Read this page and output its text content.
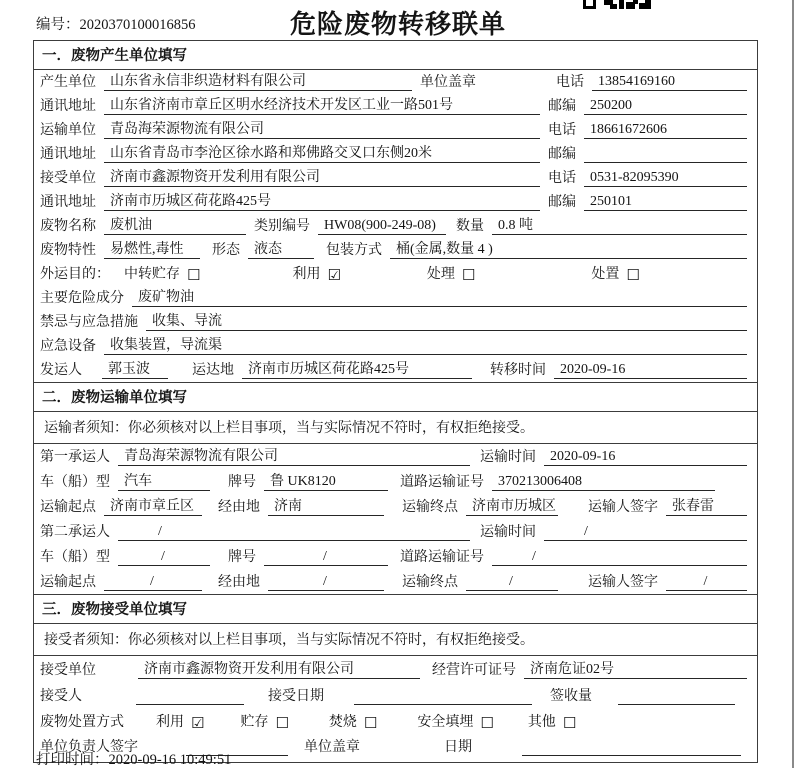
编号：2020370100016856	危险废物转移联单
一．废物产生单位填写
产生单位	山东省永信非织造材料有限公司	单位盖章	电话	13854169160
通讯地址	山东省济南市章丘区明水经济技术开发区工业一路501号	邮编	250200
运输单位	青岛海荣源物流有限公司	电话	18661672606
通讯地址	山东省青岛市李沧区徐水路和郑佛路交叉口东侧20米	邮编
接受单位	济南市鑫源物资开发利用有限公司	电话	0531-82095390
通讯地址	济南市历城区荷花路425号	邮编	250101
废物名称	废机油	类别编号	HW08(900-249-08)	数量	0.8 吨
废物特性	易燃性,毒性	形态	液态	包装方式	桶(金属,数量 4 )
外运目的：	中转贮存 ☐	利用 ☑	处理 ☐	处置 ☐
主要危险成分	废矿物油
禁忌与应急措施	收集、导流
应急设备	收集装置，导流渠
发运人	郭玉波	运达地	济南市历城区荷花路425号	转移时间	2020-09-16
二．废物运输单位填写
运输者须知：你必须核对以上栏目事项，当与实际情况不符时，有权拒绝接受。
第一承运人	青岛海荣源物流有限公司	运输时间	2020-09-16
车（船）型	汽车	牌号	鲁 UK8120	道路运输证号	370213006408
运输起点	济南市章丘区	经由地	济南	运输终点	济南市历城区 运输人签字	张春雷
第二承运人	/	运输时间	/
车（船）型	/	牌号	/	道路运输证号	/
运输起点	/	经由地	/	运输终点	/	运输人签字	/
三．废物接受单位填写
接受者须知：你必须核对以上栏目事项，当与实际情况不符时，有权拒绝接受。
接受单位	济南市鑫源物资开发利用有限公司	经营许可证号	济南危证02号
接受人	接受日期	签收量
废物处置方式	利用 ☑	贮存 ☐	焚烧 ☐	安全填埋 ☐ 其他 ☐
单位负责人签字	单位盖章	日期
打印时间：2020-09-16 10:49:51
